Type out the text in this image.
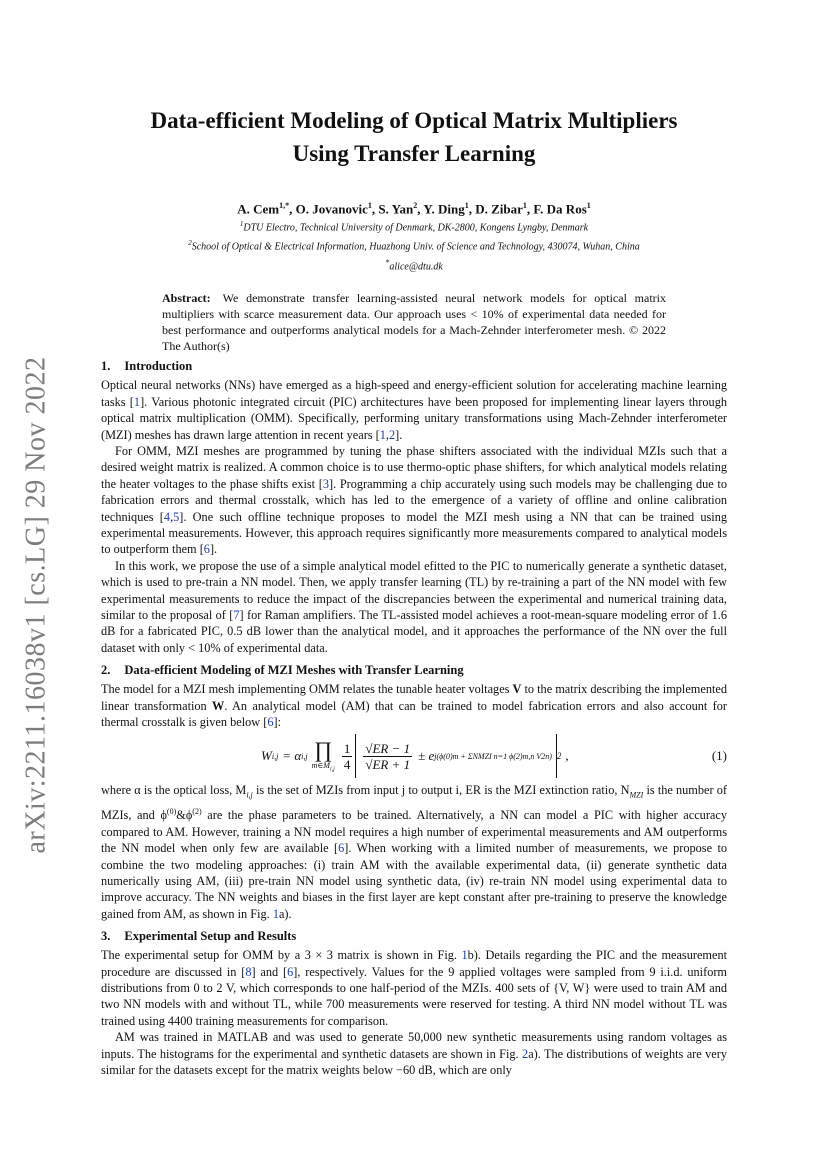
arXiv:2211.16038v1 [cs.LG] 29 Nov 2022
Data-efficient Modeling of Optical Matrix Multipliers Using Transfer Learning
A. Cem$^{1,*}$, O. Jovanovic$^1$, S. Yan$^2$, Y. Ding$^1$, D. Zibar$^1$, F. Da Ros$^1$
$^1$DTU Electro, Technical University of Denmark, DK-2800, Kongens Lyngby, Denmark
$^2$School of Optical & Electrical Information, Huazhong Univ. of Science and Technology, 430074, Wuhan, China
*alice@dtu.dk
Abstract: We demonstrate transfer learning-assisted neural network models for optical matrix multipliers with scarce measurement data. Our approach uses < 10% of experimental data needed for best performance and outperforms analytical models for a Mach-Zehnder interferometer mesh. © 2022 The Author(s)
1. Introduction

Optical neural networks (NNs) have emerged as a high-speed and energy-efficient solution for accelerating machine learning tasks [1]. Various photonic integrated circuit (PIC) architectures have been proposed for implementing linear layers through optical matrix multiplication (OMM). Specifically, performing unitary transformations using Mach-Zehnder interferometer (MZI) meshes has drawn large attention in recent years [1,2].

For OMM, MZI meshes are programmed by tuning the phase shifters associated with the individual MZIs such that a desired weight matrix is realized. A common choice is to use thermo-optic phase shifters, for which analytical models relating the heater voltages to the phase shifts exist [3]. Programming a chip accurately using such models may be challenging due to fabrication errors and thermal crosstalk, which has led to the emergence of a variety of offline and online calibration techniques [4,5]. One such offline technique proposes to model the MZI mesh using a NN that can be trained using experimental measurements. However, this approach requires significantly more measurements compared to analytical models to outperform them [6].

In this work, we propose the use of a simple analytical model efitted to the PIC to numerically generate a synthetic dataset, which is used to pre-train a NN model. Then, we apply transfer learning (TL) by re-training a part of the NN model with few experimental measurements to reduce the impact of the discrepancies between the experimental and numerical training data, similar to the proposal of [7] for Raman amplifiers. The TL-assisted model achieves a root-mean-square modeling error of 1.6 dB for a fabricated PIC, 0.5 dB lower than the analytical model, and it approaches the performance of the NN over the full dataset with only < 10% of experimental data.

2. Data-efficient Modeling of MZI Meshes with Transfer Learning

The model for a MZI mesh implementing OMM relates the tunable heater voltages V to the matrix describing the implemented linear transformation W. An analytical model (AM) that can be trained to model fabrication errors and also account for thermal crosstalk is given below [6]:

W i,j = α i,j ∏
$m\in M_{i,j} \frac{1}{4} \frac{√ER - 1}{√ER + 1} \pm e$ j(ϕ(0)m + ΣNMZI n=1 ϕ(2)m,n V2n) 2 ,	(1)

where α is the optical loss, $M_{i,j}$ is the set of MZIs from input j to output i, ER is the MZI extinction ratio, $N_{MZI}$ is the number of MZIs, and $\phi^{(0)}\&\phi^{(2)}$ are the phase parameters to be trained. Alternatively, a NN can model a PIC with higher accuracy compared to AM. However, training a NN model requires a high number of experimental measurements and AM outperforms the NN model when only few are available [6]. When working with a limited number of measurements, we propose to combine the two modeling approaches: (i) train AM with the available experimental data, (ii) generate synthetic data numerically using AM, (iii) pre-train NN model using synthetic data, (iv) re-train NN model using experimental data to improve accuracy. The NN weights and biases in the first layer are kept constant after pre-training to preserve the knowledge gained from AM, as shown in Fig. 1a).

3. Experimental Setup and Results

The experimental setup for OMM by a 3 × 3 matrix is shown in Fig. 1b). Details regarding the PIC and the measurement procedure are discussed in [8] and [6], respectively. Values for the 9 applied voltages were sampled from 9 i.i.d. uniform distributions from 0 to 2 V, which corresponds to one half-period of the MZIs. 400 sets of {V, W} were used to train AM and two NN models with and without TL, while 700 measurements were reserved for testing. A third NN model without TL was trained using 4400 training measurements for comparison.

AM was trained in MATLAB and was used to generate 50,000 new synthetic measurements using random voltages as inputs. The histograms for the experimental and synthetic datasets are shown in Fig. 2a). The distributions of weights are very similar for the datasets except for the matrix weights below −60 dB, which are only
